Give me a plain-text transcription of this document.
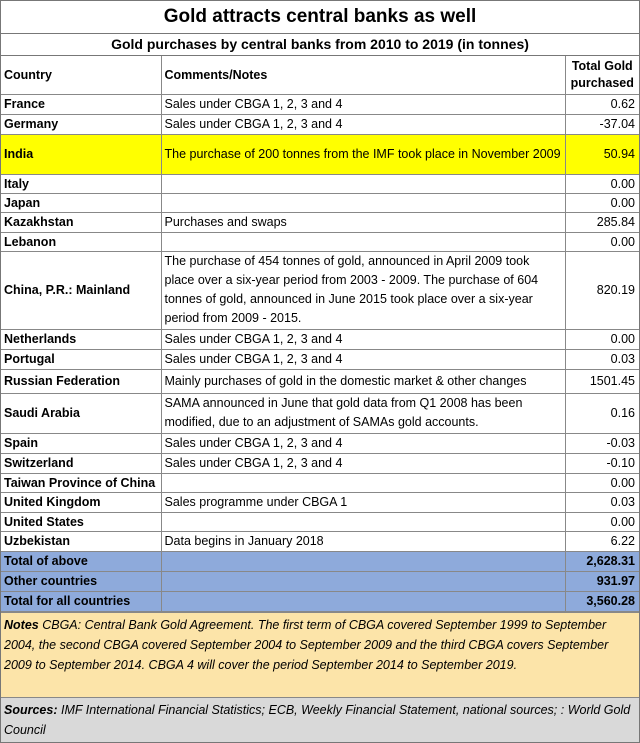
Gold attracts central banks as well
Gold purchases by central banks from 2010 to 2019 (in tonnes)
Country	Comments/Notes	Total Gold
purchased
France	Sales under CBGA 1, 2, 3 and 4	0.62
Germany	Sales under CBGA 1, 2, 3 and 4	-37.04
India	The purchase of 200 tonnes from the IMF took place in November 2009	50.94
Italy		0.00
Japan		0.00
Kazakhstan	Purchases and swaps	285.84
Lebanon		0.00
China, P.R.: Mainland	The purchase of 454 tonnes of gold, announced in April 2009 took place over a six-year period from 2003 - 2009. The purchase of 604 tonnes of gold, announced in June 2015 took place over a six-year period from 2009 - 2015.	820.19
Netherlands	Sales under CBGA 1, 2, 3 and 4	0.00
Portugal	Sales under CBGA 1, 2, 3 and 4	0.03
Russian Federation	Mainly purchases of gold in the domestic market & other changes	1501.45
Saudi Arabia	SAMA announced in June that gold data from Q1 2008 has been modified, due to an adjustment of SAMAs gold accounts.	0.16
Spain	Sales under CBGA 1, 2, 3 and 4	-0.03
Switzerland	Sales under CBGA 1, 2, 3 and 4	-0.10
Taiwan Province of China		0.00
United Kingdom	Sales programme under CBGA 1	0.03
United States		0.00
Uzbekistan	Data begins in January 2018	6.22
Total of above		2,628.31
Other countries		931.97
Total for all countries		3,560.28
Notes CBGA: Central Bank Gold Agreement. The first term of CBGA covered September 1999 to September 2004, the second CBGA covered September 2004 to September 2009 and the third CBGA covers September 2009 to September 2014. CBGA 4 will cover the period September 2014 to September 2019.
Sources: IMF International Financial Statistics; ECB, Weekly Financial Statement, national sources; : World Gold Council
